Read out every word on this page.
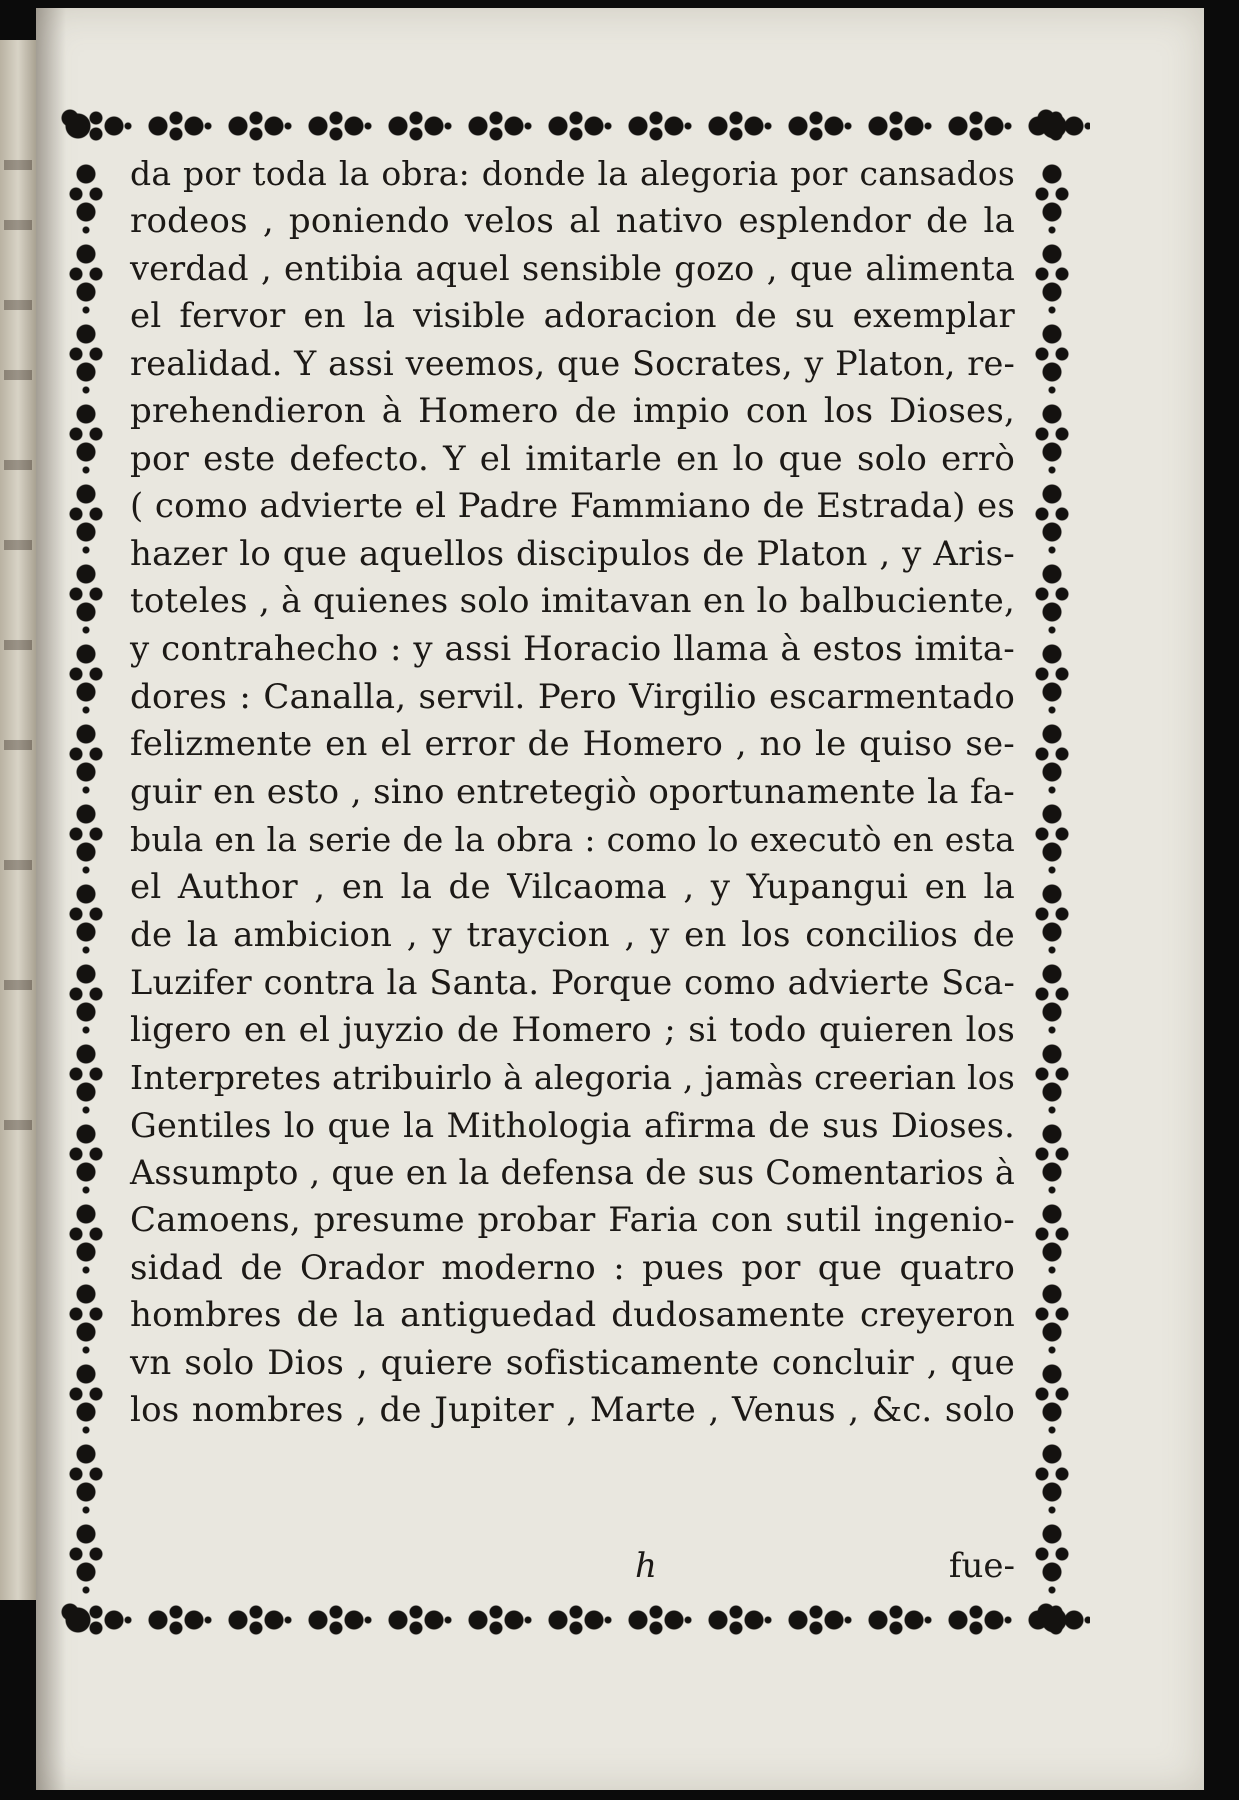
da por toda la obra: donde la alegoria por cansados
rodeos , poniendo velos al nativo esplendor de la
verdad , entibia aquel sensible gozo , que alimenta
el fervor en la visible adoracion de su exemplar
realidad. Y assi veemos, que Socrates, y Platon, re-
prehendieron à Homero de impio con los Dioses,
por este defecto. Y el imitarle en lo que solo errò
( como advierte el Padre Fammiano de Estrada) es
hazer lo que aquellos discipulos de Platon , y Aris-
toteles , à quienes solo imitavan en lo balbuciente,
y contrahecho : y assi Horacio llama à estos imita-
dores : Canalla, servil. Pero Virgilio escarmentado
felizmente en el error de Homero , no le quiso se-
guir en esto , sino entretegiò oportunamente la fa-
bula en la serie de la obra : como lo executò en esta
el Author , en la de Vilcaoma , y Yupangui en la
de la ambicion , y traycion , y en los concilios de
Luzifer contra la Santa. Porque como advierte Sca-
ligero en el juyzio de Homero ; si todo quieren los
Interpretes atribuirlo à alegoria , jamàs creerian los
Gentiles lo que la Mithologia afirma de sus Dioses.
Assumpto , que en la defensa de sus Comentarios à
Camoens, presume probar Faria con sutil ingenio-
sidad de Orador moderno : pues por que quatro
hombres de la antiguedad dudosamente creyeron
vn solo Dios , quiere sofisticamente concluir , que
los nombres , de Jupiter , Marte , Venus , &c. solo
h	fue-
